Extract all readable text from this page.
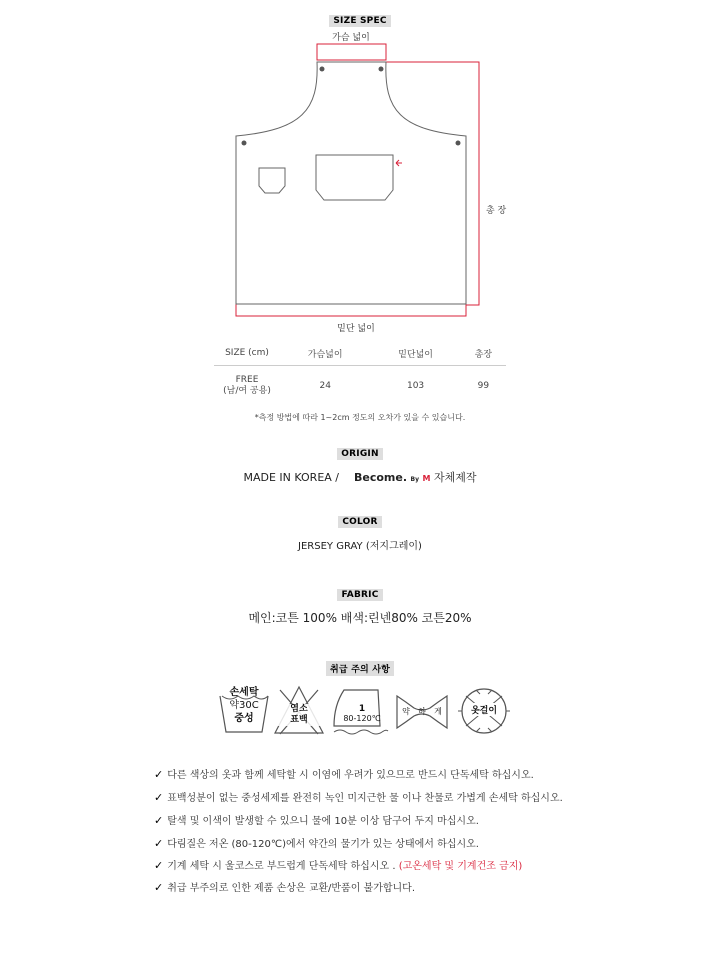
SIZE SPEC
가슴 넓이
총 장
밑단 넓이
SIZE (cm)	가슴넓이	밑단넓이	총장

FREE
(남/여 공용)	24	103	99
*측정 방법에 따라 1~2cm 정도의 오차가 있을 수 있습니다.
ORIGIN
MADE IN KOREA / Become. By M 자체제작
COLOR
JERSEY GRAY (저지그레이)
FABRIC
메인:코튼 100% 배색:린넨80% 코튼20%
취급 주의 사항
손세탁
약30C
중성
염소
표백
1
80-120℃
약 하 게	옷걸이
✓ 다른 색상의 옷과 함께 세탁할 시 이염에 우려가 있으므로 반드시 단독세탁 하십시오.
✓ 표백성분이 없는 중성세제를 완전히 녹인 미지근한 물 이나 찬물로 가볍게 손세탁 하십시오.
✓ 탈색 및 이색이 발생할 수 있으니 물에 10분 이상 담구어 두지 마십시오.
✓ 다림질은 저온 (80-120℃)에서 약간의 물기가 있는 상태에서 하십시오.
✓ 기계 세탁 시 울코스로 부드럽게 단독세탁 하십시오 . (고온세탁 및 기계건조 금지)
✓ 취급 부주의로 인한 제품 손상은 교환/반품이 불가합니다.
